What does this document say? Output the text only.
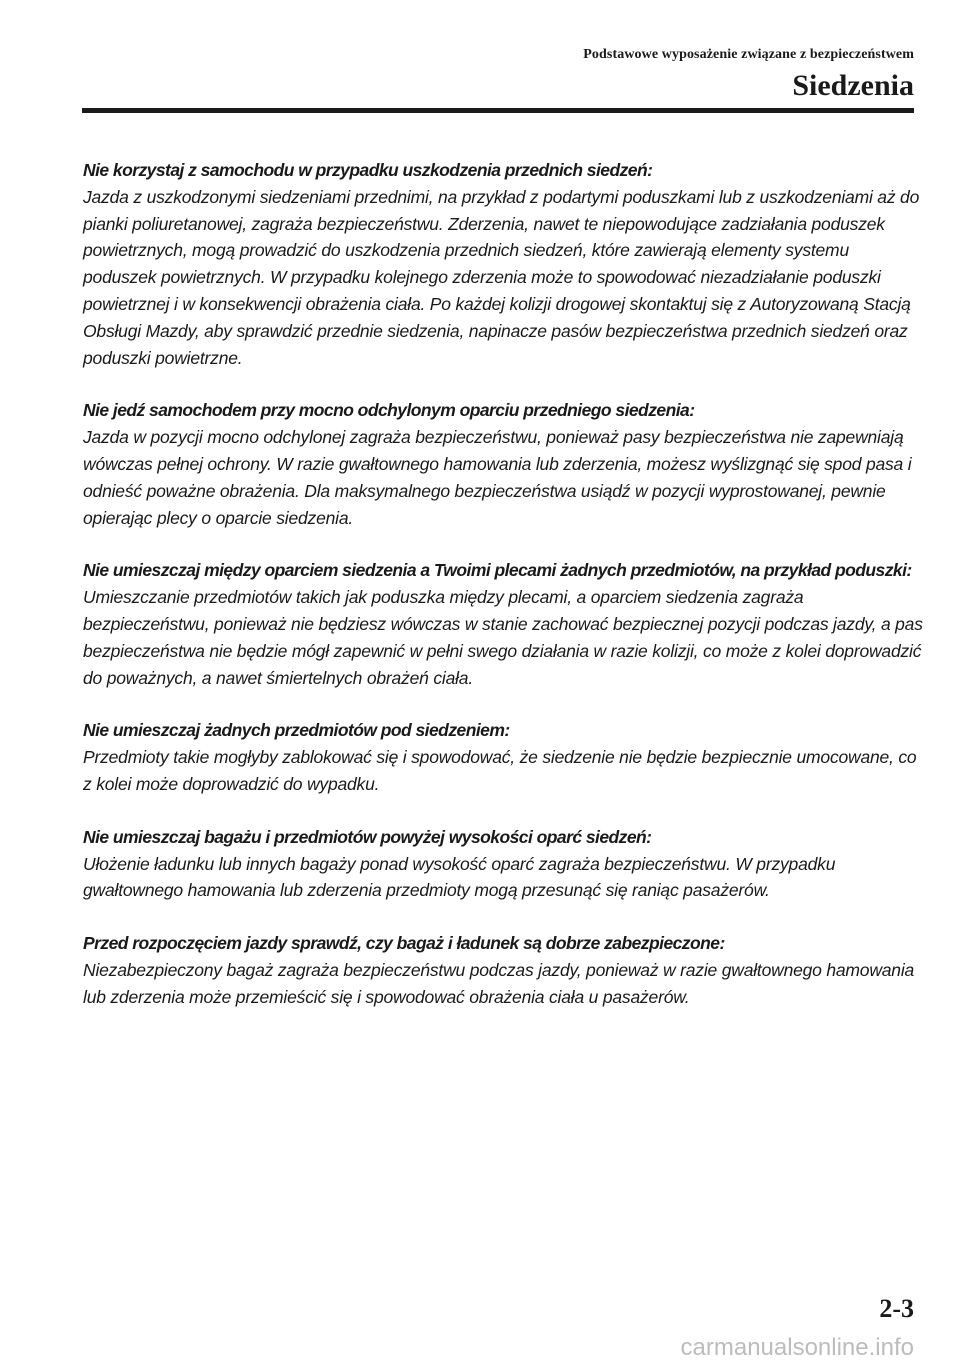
Podstawowe wyposażenie związane z bezpieczeństwem
Siedzenia
Nie korzystaj z samochodu w przypadku uszkodzenia przednich siedzeń:

Jazda z uszkodzonymi siedzeniami przednimi, na przykład z podartymi poduszkami lub z uszkodzeniami aż do pianki poliuretanowej, zagraża bezpieczeństwu. Zderzenia, nawet te niepowodujące zadziałania poduszek powietrznych, mogą prowadzić do uszkodzenia przednich siedzeń, które zawierają elementy systemu poduszek powietrznych. W przypadku kolejnego zderzenia może to spowodować niezadziałanie poduszki powietrznej i w konsekwencji obrażenia ciała. Po każdej kolizji drogowej skontaktuj się z Autoryzowaną Stacją Obsługi Mazdy, aby sprawdzić przednie siedzenia, napinacze pasów bezpieczeństwa przednich siedzeń oraz poduszki powietrzne.

Nie jedź samochodem przy mocno odchylonym oparciu przedniego siedzenia:

Jazda w pozycji mocno odchylonej zagraża bezpieczeństwu, ponieważ pasy bezpieczeństwa nie zapewniają wówczas pełnej ochrony. W razie gwałtownego hamowania lub zderzenia, możesz wyślizgnąć się spod pasa i odnieść poważne obrażenia. Dla maksymalnego bezpieczeństwa usiądź w pozycji wyprostowanej, pewnie opierając plecy o oparcie siedzenia.

Nie umieszczaj między oparciem siedzenia a Twoimi plecami żadnych przedmiotów, na przykład poduszki:

Umieszczanie przedmiotów takich jak poduszka między plecami, a oparciem siedzenia zagraża bezpieczeństwu, ponieważ nie będziesz wówczas w stanie zachować bezpiecznej pozycji podczas jazdy, a pas bezpieczeństwa nie będzie mógł zapewnić w pełni swego działania w razie kolizji, co może z kolei doprowadzić do poważnych, a nawet śmiertelnych obrażeń ciała.

Nie umieszczaj żadnych przedmiotów pod siedzeniem:

Przedmioty takie mogłyby zablokować się i spowodować, że siedzenie nie będzie bezpiecznie umocowane, co z kolei może doprowadzić do wypadku.

Nie umieszczaj bagażu i przedmiotów powyżej wysokości oparć siedzeń:

Ułożenie ładunku lub innych bagaży ponad wysokość oparć zagraża bezpieczeństwu. W przypadku gwałtownego hamowania lub zderzenia przedmioty mogą przesunąć się raniąc pasażerów.

Przed rozpoczęciem jazdy sprawdź, czy bagaż i ładunek są dobrze zabezpieczone:

Niezabezpieczony bagaż zagraża bezpieczeństwu podczas jazdy, ponieważ w razie gwałtownego hamowania lub zderzenia może przemieścić się i spowodować obrażenia ciała u pasażerów.

2-3
carmanualsonline.info
